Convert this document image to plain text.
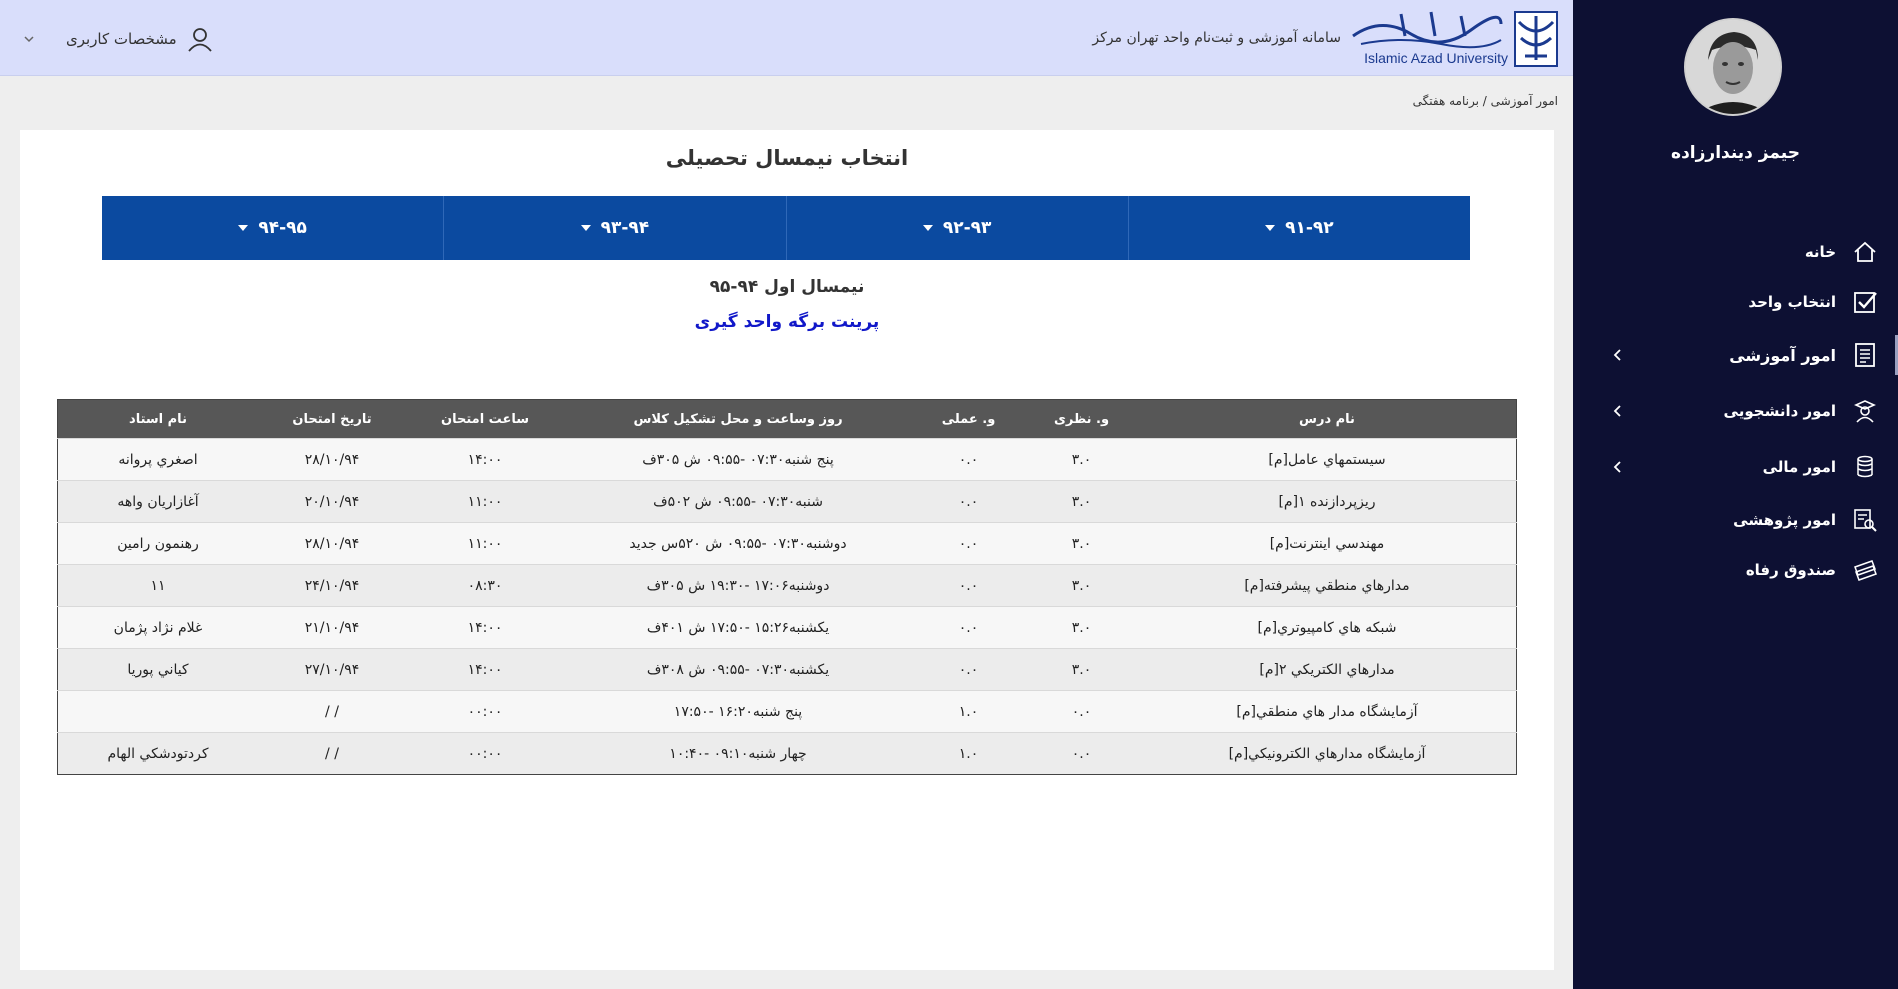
Islamic Azad University
سامانه آموزشی و ثبت‌نام واحد تهران مرکز
مشخصات کاربری
امور آموزشی / برنامه هفتگی
انتخاب نیمسال تحصیلی
۹۱-۹۲
۹۲-۹۳
۹۳-۹۴
۹۴-۹۵
نیمسال اول ۹۴-۹۵
پرینت برگه واحد گیری
نام درس	و. نظری	و. عملی	روز وساعت و محل تشکیل کلاس	ساعت امتحان	تاریخ امتحان	نام استاد
سيستمهاي عامل[م]	۳.۰	۰.۰	پنج شنبه۰۷:۳۰ -۰۹:۵۵ ش ۳۰۵ف	۱۴:۰۰	۲۸/۱۰/۹۴	اصغري پروانه
ريزپردازنده ۱[م]	۳.۰	۰.۰	شنبه۰۷:۳۰ -۰۹:۵۵ ش ۵۰۲ف	۱۱:۰۰	۲۰/۱۰/۹۴	آغازاريان واهه
مهندسي اينترنت[م]	۳.۰	۰.۰	دوشنبه۰۷:۳۰ -۰۹:۵۵ ش ۵۲۰س جدید	۱۱:۰۰	۲۸/۱۰/۹۴	رهنمون رامين
مدارهاي منطقي پيشرفته[م]	۳.۰	۰.۰	دوشنبه۱۷:۰۶ -۱۹:۳۰ ش ۳۰۵ف	۰۸:۳۰	۲۴/۱۰/۹۴	۱۱
شبكه هاي كامپيوتري[م]	۳.۰	۰.۰	يکشنبه۱۵:۲۶ -۱۷:۵۰ ش ۴۰۱ف	۱۴:۰۰	۲۱/۱۰/۹۴	غلام نژاد پژمان
مدارهاي الكتريكي ۲[م]	۳.۰	۰.۰	يکشنبه۰۷:۳۰ -۰۹:۵۵ ش ۳۰۸ف	۱۴:۰۰	۲۷/۱۰/۹۴	كياني پوريا
آزمايشگاه مدار هاي منطقي[م]	۰.۰	۱.۰	پنج شنبه۱۶:۲۰ -۱۷:۵۰	۰۰:۰۰	/ /	
آزمايشگاه مدارهاي الكترونيكي[م]	۰.۰	۱.۰	چهار شنبه۰۹:۱۰ -۱۰:۴۰	۰۰:۰۰	/ /	كردتودشكي الهام
جیمز دیندارزاده
خانه
انتخاب واحد
امور آموزشی
امور دانشجویی
امور مالی
امور پژوهشی
صندوق رفاه
